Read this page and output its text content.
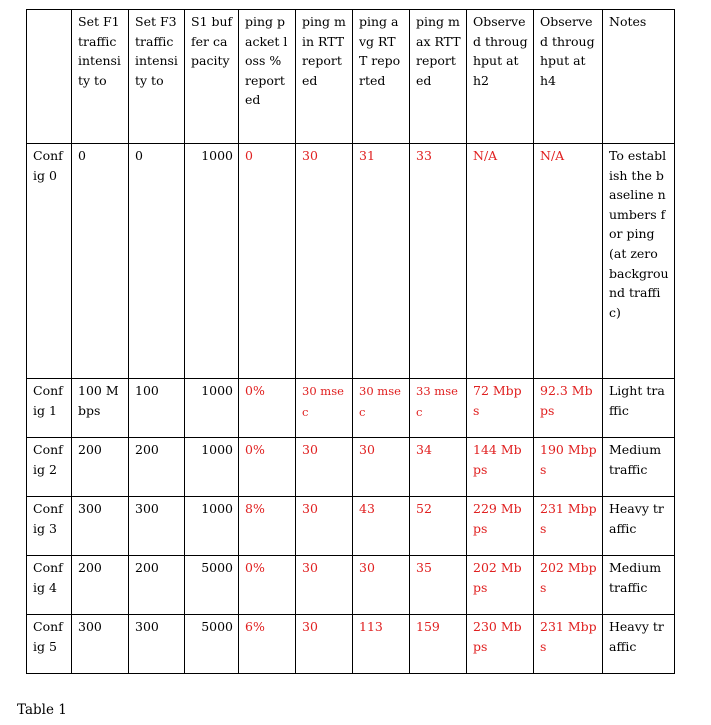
	Set F1 traffic intensity to	Set F3 traffic intensity to	S1 buffer capacity	ping packet loss % reported	ping min RTT reported	ping avg RTT reported	ping max RTT reported	Observed throughput at h2	Observed throughput at h4	Notes
Config 0	0	0	1000	0	30	31	33	N/A	N/A	To establish the baseline numbers for ping (at zero background traffic)
Config 1	100 Mbps	100	1000	0%	30 msec	30 msec	33 msec	72 Mbps	92.3 Mbps	Light traffic
Config 2	200	200	1000	0%	30	30	34	144 Mbps	190 Mbps	Medium traffic
Config 3	300	300	1000	8%	30	43	52	229 Mbps	231 Mbps	Heavy traffic
Config 4	200	200	5000	0%	30	30	35	202 Mbps	202 Mbps	Medium traffic
Config 5	300	300	5000	6%	30	113	159	230 Mbps	231 Mbps	Heavy traffic
Table 1
